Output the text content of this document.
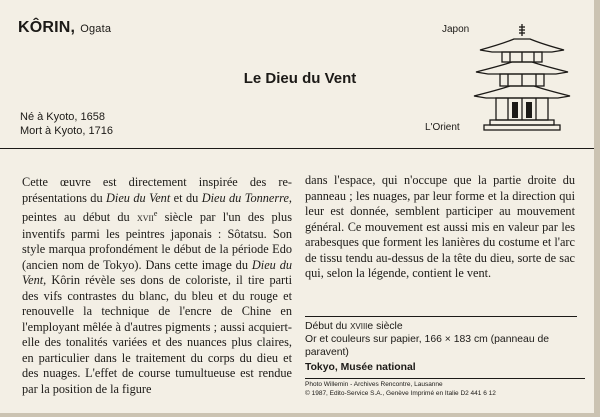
KÔRIN, Ogata
Né à Kyoto, 1658
Mort à Kyoto, 1716
Le Dieu du Vent
Japon
L'Orient

Cette œuvre est directement inspirée des re- présentations du Dieu du Vent et du Dieu du Tonnerre, peintes au début du XVIIe siècle par l'un des plus inventifs parmi les peintres japonais : Sôtatsu. Son style marqua profondément le début de la période Edo (ancien nom de Tokyo). Dans cette image du Dieu du Vent, Kôrin révèle ses dons de coloriste, il tire parti des vifs contrastes du blanc, du bleu et du rouge et renouvelle la technique de l'encre de Chine en l'employant mêlée à d'autres pigments ; aussi acquiert-elle des tonalités variées et des nuances plus claires, en particulier dans le traitement du corps du dieu et des nuages. L'effet de course tumultueuse est rendue par la position de la figure

dans l'espace, qui n'occupe que la partie droite du panneau ; les nuages, par leur forme et la direction qui leur est donnée, semblent participer au mouvement général. Ce mouvement est aussi mis en valeur par les arabesques que forment les lanières du costume et l'arc de tissu tendu au-dessus de la tête du dieu, sorte de sac qui, selon la légende, contient le vent.

Début du XVIIIe siècle
Or et couleurs sur papier, 166 × 183 cm (panneau de paravent)
Tokyo, Musée national
Photo Willemin - Archives Rencontre, Lausanne
© 1987, Edito-Service S.A., Genève Imprimé en Italie D2 441 6 12
